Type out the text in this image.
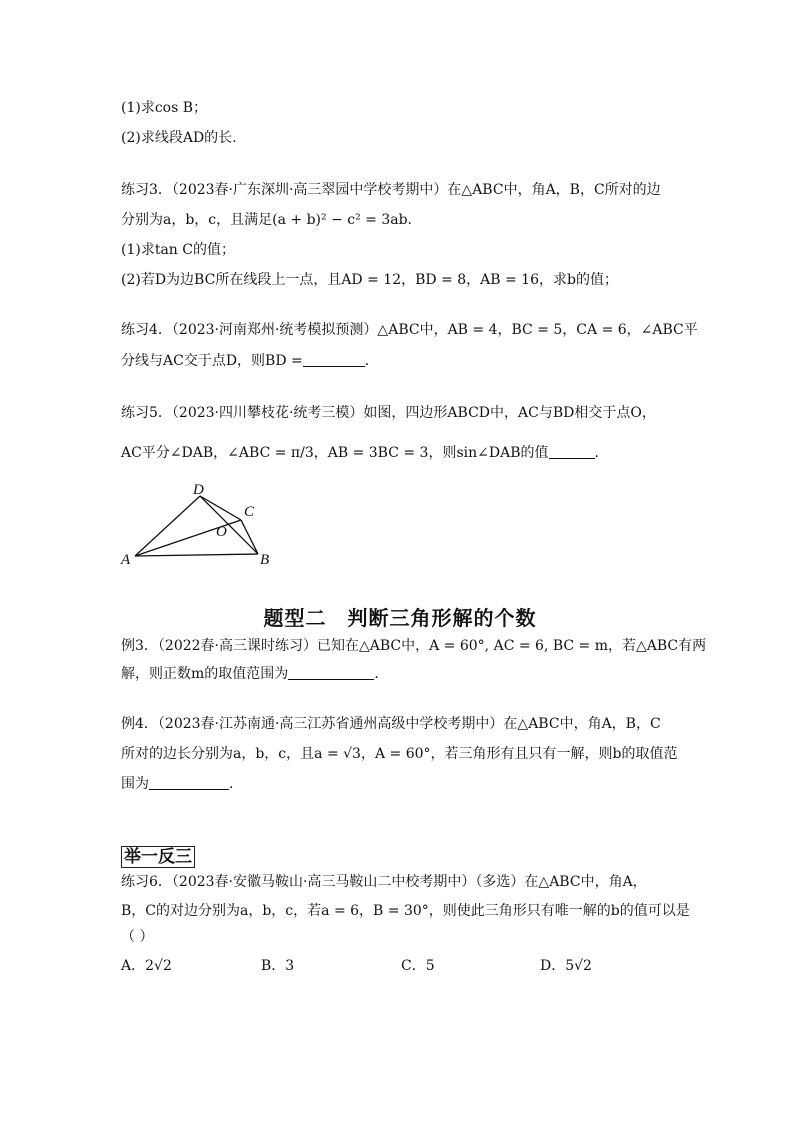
(1)求cos B；
(2)求线段AD的长.
练习3．（2023春·广东深圳·高三翠园中学校考期中）在△ABC中，角A，B，C所对的边
分别为a，b，c，且满足(a + b)² − c² = 3ab.
(1)求tan C的值；
(2)若D为边BC所在线段上一点，且AD = 12，BD = 8，AB = 16，求b的值；
练习4．（2023·河南郑州·统考模拟预测）△ABC中，AB = 4，BC = 5，CA = 6，∠ABC平
分线与AC交于点D，则BD =	.
练习5．（2023·四川攀枝花·统考三模）如图，四边形ABCD中，AC与BD相交于点O，
AC平分∠DAB，∠ABC = π/3，AB = 3BC = 3，则sin∠DAB的值	.
A	B
C
D
O
题型二　判断三角形解的个数
例3．（2022春·高三课时练习）已知在△ABC中，A = 60°, AC = 6, BC = m，若△ABC有两
解，则正数m的取值范围为	.
例4．（2023春·江苏南通·高三江苏省通州高级中学校考期中）在△ABC中，角A，B，C
所对的边长分别为a，b，c，且a = √3，A = 60°，若三角形有且只有一解，则b的取值范
围为	.
举一反三
练习6．（2023春·安徽马鞍山·高三马鞍山二中校考期中）（多选）在△ABC中，角A，
B，C的对边分别为a，b，c，若a = 6，B = 30°，则使此三角形只有唯一解的b的值可以是
（ ）
A．2√2	B．3	C．5	D．5√2
